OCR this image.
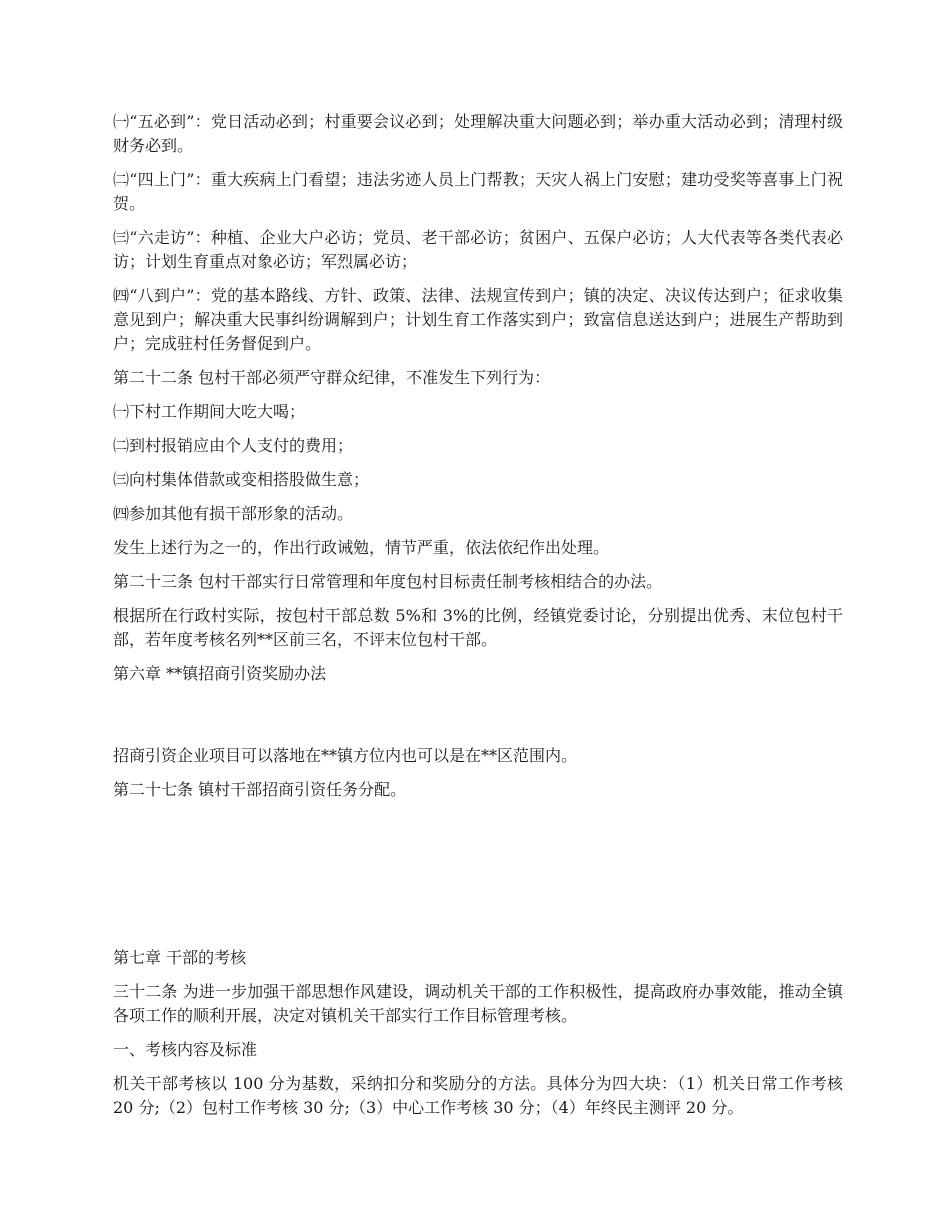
㈠“五必到”：党日活动必到；村重要会议必到；处理解决重大问题必到；举办重大活动必到；清理村级财务必到。

㈡“四上门”：重大疾病上门看望；违法劣迹人员上门帮教；天灾人祸上门安慰；建功受奖等喜事上门祝贺。

㈢“六走访”：种植、企业大户必访；党员、老干部必访；贫困户、五保户必访；人大代表等各类代表必访；计划生育重点对象必访；军烈属必访；

㈣“八到户”：党的基本路线、方针、政策、法律、法规宣传到户；镇的决定、决议传达到户；征求收集意见到户；解决重大民事纠纷调解到户；计划生育工作落实到户；致富信息送达到户；进展生产帮助到户；完成驻村任务督促到户。

第二十二条 包村干部必须严守群众纪律，不准发生下列行为：

㈠下村工作期间大吃大喝；

㈡到村报销应由个人支付的费用；

㈢向村集体借款或变相搭股做生意；

㈣参加其他有损干部形象的活动。

发生上述行为之一的，作出行政诫勉，情节严重，依法依纪作出处理。

第二十三条 包村干部实行日常管理和年度包村目标责任制考核相结合的办法。

根据所在行政村实际，按包村干部总数 5%和 3%的比例，经镇党委讨论，分别提出优秀、末位包村干部，若年度考核名列**区前三名，不评末位包村干部。

第六章 **镇招商引资奖励办法

招商引资企业项目可以落地在**镇方位内也可以是在**区范围内。

第二十七条 镇村干部招商引资任务分配。

第七章 干部的考核

三十二条 为进一步加强干部思想作风建设，调动机关干部的工作积极性，提高政府办事效能，推动全镇各项工作的顺利开展，决定对镇机关干部实行工作目标管理考核。

一、考核内容及标准

机关干部考核以 100 分为基数，采纳扣分和奖励分的方法。具体分为四大块：（1）机关日常工作考核 20 分;（2）包村工作考核 30 分;（3）中心工作考核 30 分；（4）年终民主测评 20 分。
